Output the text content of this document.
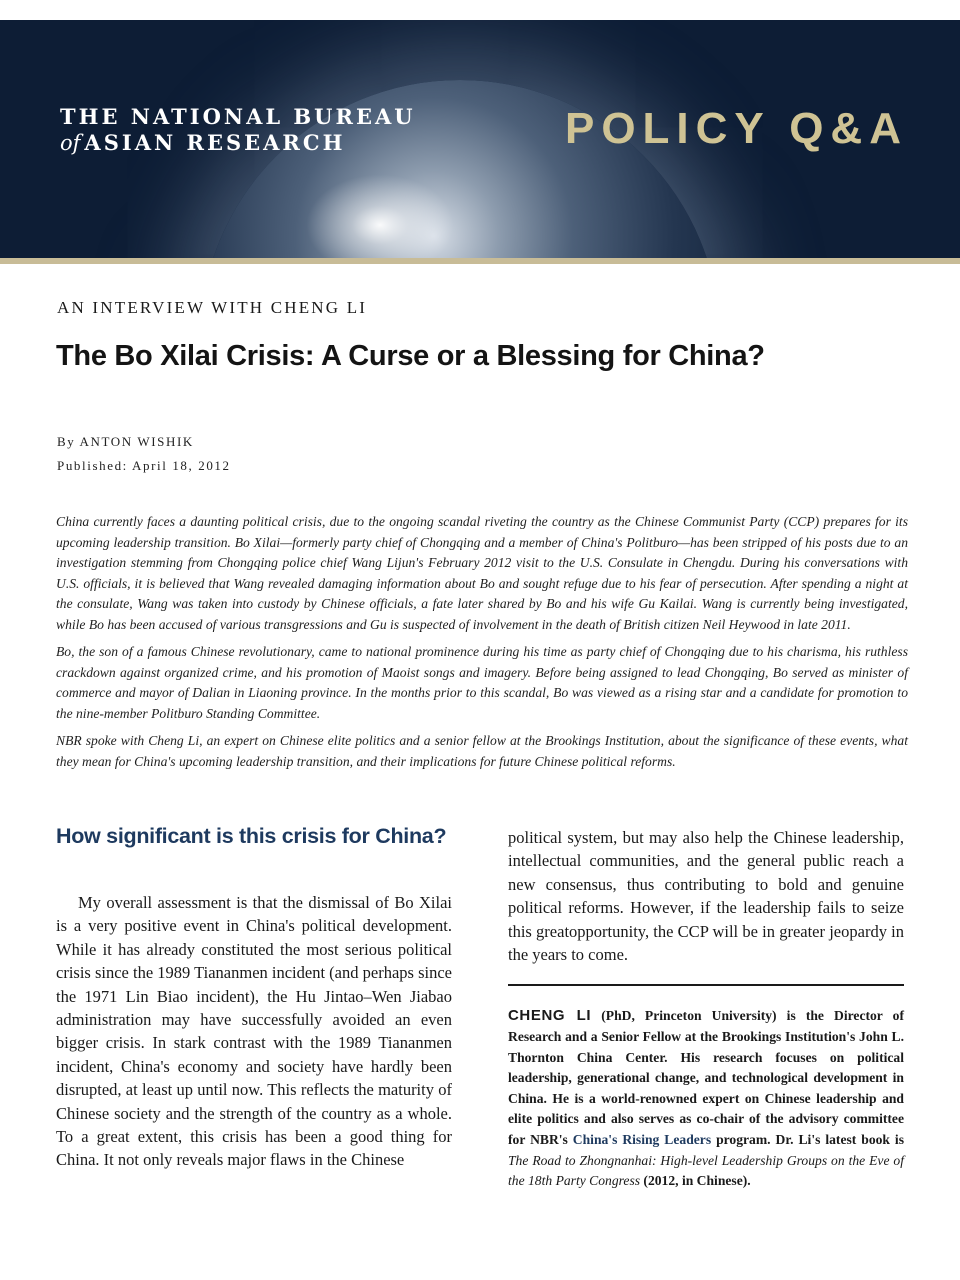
THE NATIONAL BUREAU
of ASIAN RESEARCH	POLICY Q&A
AN INTERVIEW WITH CHENG LI
The Bo Xilai Crisis: A Curse or a Blessing for China?
By ANTON WISHIK
Published: April 18, 2012

China currently faces a daunting political crisis, due to the ongoing scandal riveting the country as the Chinese Communist Party (CCP) prepares for its upcoming leadership transition. Bo Xilai—formerly party chief of Chongqing and a member of China's Politburo—has been stripped of his posts due to an investigation stemming from Chongqing police chief Wang Lijun's February 2012 visit to the U.S. Consulate in Chengdu. During his conversations with U.S. officials, it is believed that Wang revealed damaging information about Bo and sought refuge due to his fear of persecution. After spending a night at the consulate, Wang was taken into custody by Chinese officials, a fate later shared by Bo and his wife Gu Kailai. Wang is currently being investigated, while Bo has been accused of various transgressions and Gu is suspected of involvement in the death of British citizen Neil Heywood in late 2011.

Bo, the son of a famous Chinese revolutionary, came to national prominence during his time as party chief of Chongqing due to his charisma, his ruthless crackdown against organized crime, and his promotion of Maoist songs and imagery. Before being assigned to lead Chongqing, Bo served as minister of commerce and mayor of Dalian in Liaoning province. In the months prior to this scandal, Bo was viewed as a rising star and a candidate for promotion to the nine-member Politburo Standing Committee.

NBR spoke with Cheng Li, an expert on Chinese elite politics and a senior fellow at the Brookings Institution, about the significance of these events, what they mean for China's upcoming leadership transition, and their implications for future Chinese political reforms.

How significant is this crisis for China?

My overall assessment is that the dismissal of Bo Xilai is a very positive event in China's political development. While it has already constituted the most serious political crisis since the 1989 Tiananmen incident (and perhaps since the 1971 Lin Biao incident), the Hu Jintao–Wen Jiabao administration may have successfully avoided an even bigger crisis. In stark contrast with the 1989 Tiananmen incident, China's economy and society have hardly been disrupted, at least up until now. This reflects the maturity of Chinese society and the strength of the country as a whole. To a great extent, this crisis has been a good thing for China. It not only reveals major flaws in the Chinese

political system, but may also help the Chinese leadership, intellectual communities, and the general public reach a new consensus, thus contributing to bold and genuine political reforms. However, if the leadership fails to seize this greatopportunity, the CCP will be in greater jeopardy in the years to come.

CHENG LI (PhD, Princeton University) is the Director of Research and a Senior Fellow at the Brookings Institution's John L. Thornton China Center. His research focuses on political leadership, generational change, and technological development in China. He is a world-renowned expert on Chinese leadership and elite politics and also serves as co-chair of the advisory committee for NBR's China's Rising Leaders program. Dr. Li's latest book is The Road to Zhongnanhai: High-level Leadership Groups on the Eve of the 18th Party Congress (2012, in Chinese).
